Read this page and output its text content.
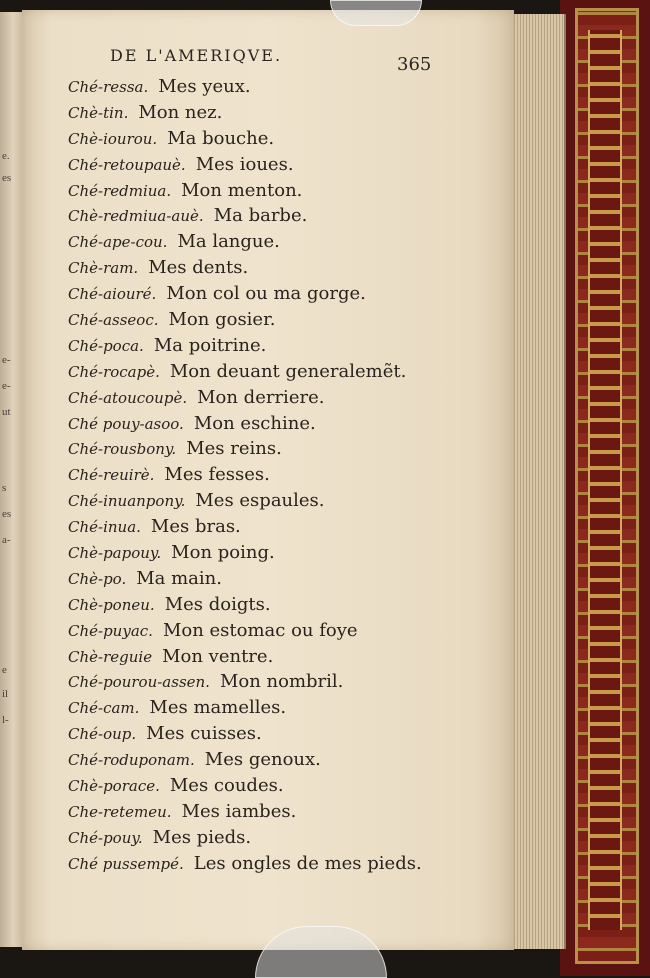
e.
es
e-
e-
ut
s
es
a-
e
il
l-
DE L'AMERIQVE.	365
Ché-ressa. Mes yeux.
Chè-tin. Mon nez.
Chè-iourou. Ma bouche.
Ché-retoupauè. Mes ioues.
Ché-redmiua. Mon menton.
Chè-redmiua-auè. Ma barbe.
Ché-ape-cou. Ma langue.
Chè-ram. Mes dents.
Ché-aiouré. Mon col ou ma gorge.
Ché-asseoc. Mon gosier.
Ché-poca. Ma poitrine.
Ché-rocapè. Mon deuant generalemẽt.
Ché-atoucoupè. Mon derriere.
Ché pouy-asoo. Mon eschine.
Ché-rousbony. Mes reins.
Ché-reuirè. Mes fesses.
Ché-inuanpony. Mes espaules.
Ché-inua. Mes bras.
Chè-papouy. Mon poing.
Chè-po. Ma main.
Chè-poneu. Mes doigts.
Ché-puyac. Mon estomac ou foye
Chè-reguie Mon ventre.
Ché-pourou-assen. Mon nombril.
Ché-cam. Mes mamelles.
Ché-oup. Mes cuisses.
Ché-roduponam. Mes genoux.
Chè-porace. Mes coudes.
Che-retemeu. Mes iambes.
Ché-pouy. Mes pieds.
Ché pussempé. Les ongles de mes pieds.
